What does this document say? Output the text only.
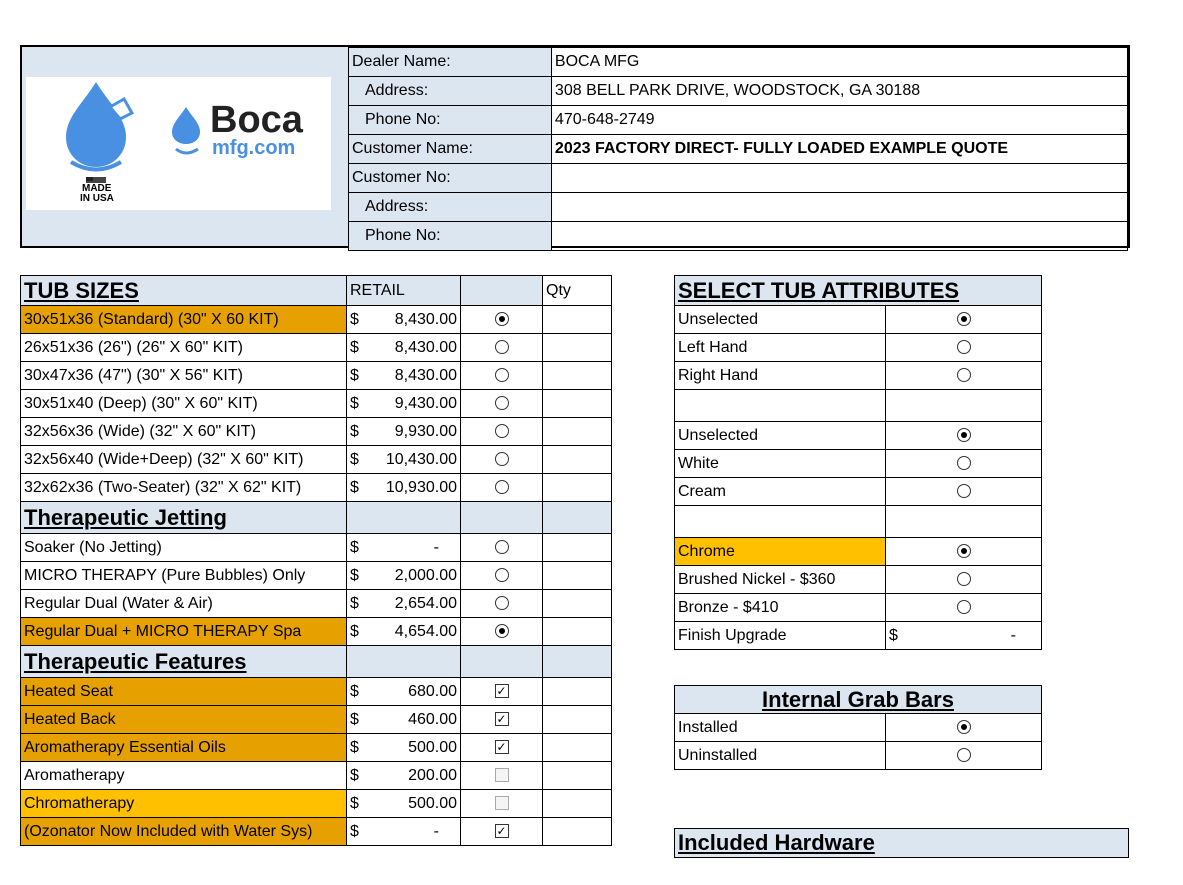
Boca
mfg.com
MADE
IN USA
Dealer Name:	BOCA MFG
Address:	308 BELL PARK DRIVE, WOODSTOCK, GA 30188
Phone No:	470-648-2749
Customer Name:	2023 FACTORY DIRECT- FULLY LOADED EXAMPLE QUOTE
Customer No:	
Address:	
Phone No:	
TUB SIZES	RETAIL		Qty
30x51x36 (Standard) (30" X 60 KIT)	$ 8,430.00		

26x51x36 (26") (26" X 60" KIT)	$ 8,430.00		

30x47x36 (47") (30" X 56" KIT)	$ 8,430.00		

30x51x40 (Deep) (30" X 60" KIT)	$ 9,430.00		

32x56x36 (Wide) (32" X 60" KIT)	$ 9,930.00		

32x56x40 (Wide+Deep) (32" X 60" KIT)	$ 10,430.00		

32x62x36 (Two-Seater) (32" X 62" KIT)	$ 10,930.00		

Therapeutic Jetting			
Soaker (No Jetting)	$ -		

MICRO THERAPY (Pure Bubbles) Only	$ 2,000.00		

Regular Dual (Water & Air)	$ 2,654.00		

Regular Dual + MICRO THERAPY Spa	$ 4,654.00		

Therapeutic Features			
Heated Seat	$ 680.00	✓	
Heated Back	$ 460.00	✓	
Aromatherapy Essential Oils	$ 500.00	✓	
Aromatherapy	$ 200.00		

Chromatherapy	$ 500.00		

(Ozonator Now Included with Water Sys)	$ -	✓	
SELECT TUB ATTRIBUTES	
Unselected	
Left Hand	
Right Hand	

Unselected	
White	
Cream	

Chrome	
Brushed Nickel - $360	
Bronze - $410	
Finish Upgrade	$ -
Internal Grab Bars	
Installed	
Uninstalled	
Included Hardware
